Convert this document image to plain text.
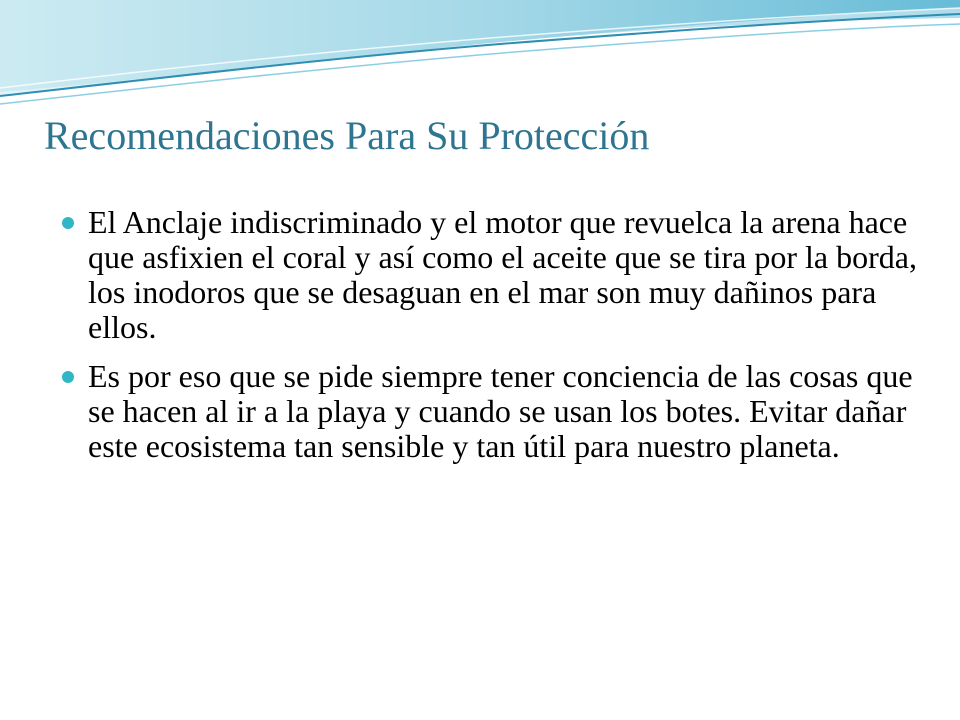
Recomendaciones Para Su Protección
El Anclaje indiscriminado y el motor que revuelca la arena hace que asfixien el coral y así como el aceite que se tira por la borda, los inodoros que se desaguan en el mar son muy dañinos para ellos.
Es por eso que se pide siempre tener conciencia de las cosas que se hacen al ir a la playa y cuando se usan los botes. Evitar dañar este ecosistema tan sensible y tan útil para nuestro planeta.
